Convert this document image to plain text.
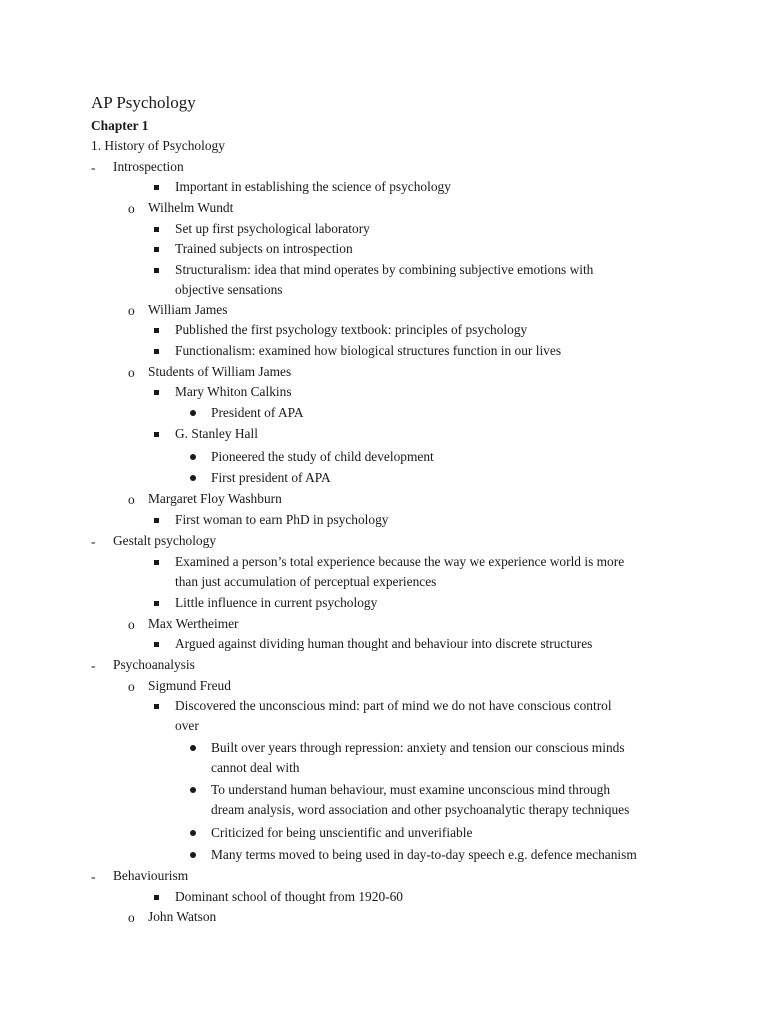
AP Psychology
Chapter 1
1. History of Psychology
- Introspection
Important in establishing the science of psychology
o Wilhelm Wundt
Set up first psychological laboratory
Trained subjects on introspection
Structuralism: idea that mind operates by combining subjective emotions with
objective sensations
o William James
Published the first psychology textbook: principles of psychology
Functionalism: examined how biological structures function in our lives
o Students of William James
Mary Whiton Calkins
President of APA
G. Stanley Hall
Pioneered the study of child development
First president of APA
o Margaret Floy Washburn
First woman to earn PhD in psychology
- Gestalt psychology
Examined a person’s total experience because the way we experience world is more
than just accumulation of perceptual experiences
Little influence in current psychology
o Max Wertheimer
Argued against dividing human thought and behaviour into discrete structures
- Psychoanalysis
o Sigmund Freud
Discovered the unconscious mind: part of mind we do not have conscious control
over
Built over years through repression: anxiety and tension our conscious minds
cannot deal with
To understand human behaviour, must examine unconscious mind through
dream analysis, word association and other psychoanalytic therapy techniques
Criticized for being unscientific and unverifiable
Many terms moved to being used in day-to-day speech e.g. defence mechanism
- Behaviourism
Dominant school of thought from 1920-60
o John Watson
